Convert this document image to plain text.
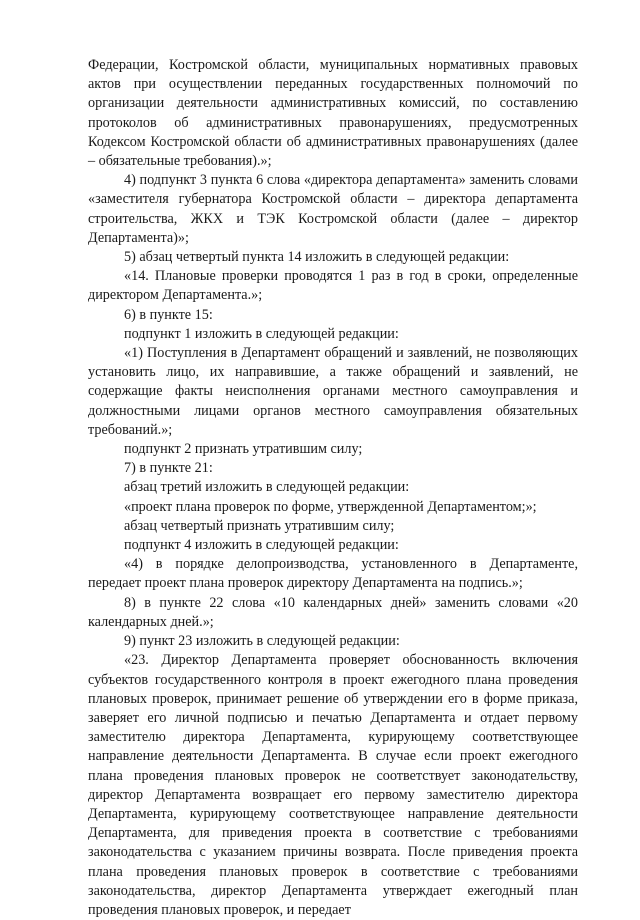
Федерации, Костромской области, муниципальных нормативных правовых актов при осуществлении переданных государственных полномочий по организации деятельности административных комиссий, по составлению протоколов об административных правонарушениях, предусмотренных Кодексом Костромской области об административных правонарушениях (далее – обязательные требования).»;

4) подпункт 3 пункта 6 слова «директора департамента» заменить словами «заместителя губернатора Костромской области – директора департамента строительства, ЖКХ и ТЭК Костромской области (далее – директор Департамента)»;

5) абзац четвертый пункта 14 изложить в следующей редакции:

«14. Плановые проверки проводятся 1 раз в год в сроки, определенные директором Департамента.»;

6) в пункте 15:

подпункт 1 изложить в следующей редакции:

«1) Поступления в Департамент обращений и заявлений, не позволяющих установить лицо, их направившие, а также обращений и заявлений, не содержащие факты неисполнения органами местного самоуправления и должностными лицами органов местного самоуправления обязательных требований.»;

подпункт 2 признать утратившим силу;

7) в пункте 21:

абзац третий изложить в следующей редакции:

«проект плана проверок по форме, утвержденной Департаментом;»;

абзац четвертый признать утратившим силу;

подпункт 4 изложить в следующей редакции:

«4) в порядке делопроизводства, установленного в Департаменте, передает проект плана проверок директору Департамента на подпись.»;

8) в пункте 22 слова «10 календарных дней» заменить словами «20 календарных дней.»;

9) пункт 23 изложить в следующей редакции:

«23. Директор Департамента проверяет обоснованность включения субъектов государственного контроля в проект ежегодного плана проведения плановых проверок, принимает решение об утверждении его в форме приказа, заверяет его личной подписью и печатью Департамента и отдает первому заместителю директора Департамента, курирующему соответствующее направление деятельности Департамента. В случае если проект ежегодного плана проведения плановых проверок не соответствует законодательству, директор Департамента возвращает его первому заместителю директора Департамента, курирующему соответствующее направление деятельности Департамента, для приведения проекта в соответствие с требованиями законодательства с указанием причины возврата. После приведения проекта плана проведения плановых проверок в соответствие с требованиями законодательства, директор Департамента утверждает ежегодный план проведения плановых проверок, и передает
